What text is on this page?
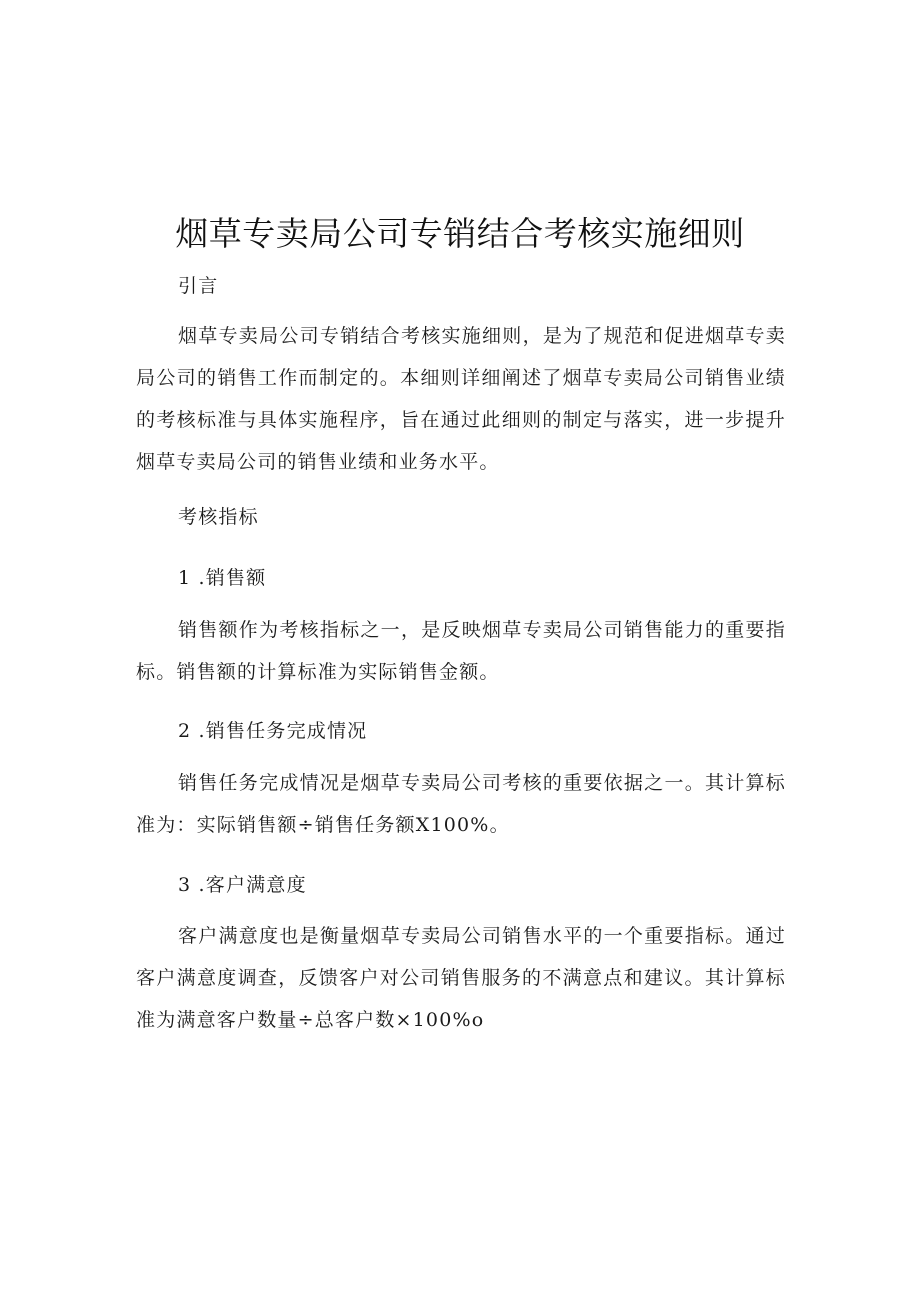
烟草专卖局公司专销结合考核实施细则
引言
烟草专卖局公司专销结合考核实施细则，是为了规范和促进烟草专卖局公司的销售工作而制定的。本细则详细阐述了烟草专卖局公司销售业绩的考核标准与具体实施程序，旨在通过此细则的制定与落实，进一步提升烟草专卖局公司的销售业绩和业务水平。
考核指标
1 .销售额
销售额作为考核指标之一，是反映烟草专卖局公司销售能力的重要指标。销售额的计算标准为实际销售金额。
2 .销售任务完成情况
销售任务完成情况是烟草专卖局公司考核的重要依据之一。其计算标准为：实际销售额÷销售任务额X100%。
3 .客户满意度
客户满意度也是衡量烟草专卖局公司销售水平的一个重要指标。通过客户满意度调查，反馈客户对公司销售服务的不满意点和建议。其计算标准为满意客户数量÷总客户数×100%o
